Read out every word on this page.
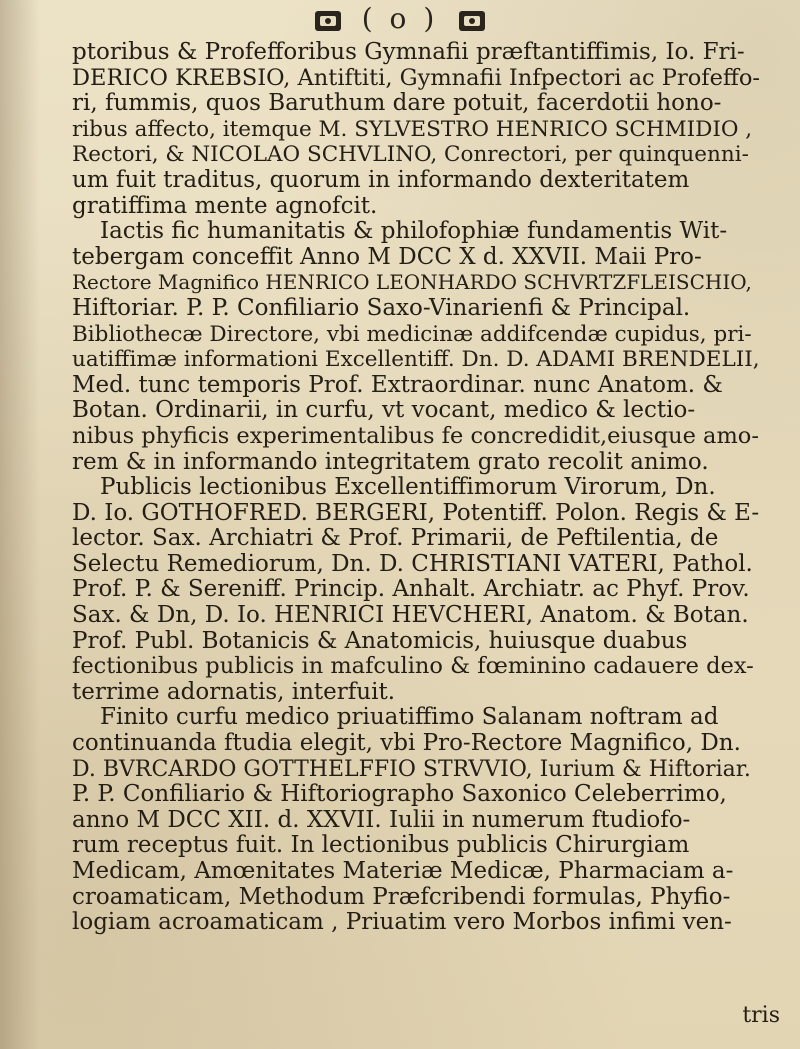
( o )
ptoribus & Profefforibus Gymnafii præftantiffimis, Io. Fri-
DERICO KREBSIO, Antiftiti, Gymnafii Infpectori ac Profeffo-
ri, fummis, quos Baruthum dare potuit, facerdotii hono-
ribus affecto, itemque M. SYLVESTRO HENRICO SCHMIDIO ,
Rectori, & NICOLAO SCHVLINO, Conrectori, per quinquenni-
um fuit traditus, quorum in informando dexteritatem
gratiffima mente agnofcit.
Iactis fic humanitatis & philofophiæ fundamentis Wit-
tebergam conceffit Anno M DCC X d. XXVII. Maii Pro-
Rectore Magnifico HENRICO LEONHARDO SCHVRTZFLEISCHIO,
Hiftoriar. P. P. Confiliario Saxo-Vinarienfi & Principal.
Bibliothecæ Directore, vbi medicinæ addifcendæ cupidus, pri-
uatiffimæ informationi Excellentiff. Dn. D. ADAMI BRENDELII,
Med. tunc temporis Prof. Extraordinar. nunc Anatom. &
Botan. Ordinarii, in curfu, vt vocant, medico & lectio-
nibus phyficis experimentalibus fe concredidit,eiusque amo-
rem & in informando integritatem grato recolit animo.
Publicis lectionibus Excellentiffimorum Virorum, Dn.
D. Io. GOTHOFRED. BERGERI, Potentiff. Polon. Regis & E-
lector. Sax. Archiatri & Prof. Primarii, de Peftilentia, de
Selectu Remediorum, Dn. D. CHRISTIANI VATERI, Pathol.
Prof. P. & Sereniff. Princip. Anhalt. Archiatr. ac Phyf. Prov.
Sax. & Dn, D. Io. HENRICI HEVCHERI, Anatom. & Botan.
Prof. Publ. Botanicis & Anatomicis, huiusque duabus
fectionibus publicis in mafculino & fœminino cadauere dex-
terrime adornatis, interfuit.
Finito curfu medico priuatiffimo Salanam noftram ad
continuanda ftudia elegit, vbi Pro-Rectore Magnifico, Dn.
D. BVRCARDO GOTTHELFFIO STRVVIO, Iurium & Hiftoriar.
P. P. Confiliario & Hiftoriographo Saxonico Celeberrimo,
anno M DCC XII. d. XXVII. Iulii in numerum ftudiofo-
rum receptus fuit. In lectionibus publicis Chirurgiam
Medicam, Amœnitates Materiæ Medicæ, Pharmaciam a-
croamaticam, Methodum Præfcribendi formulas, Phyfio-
logiam acroamaticam , Priuatim vero Morbos infimi ven-
tris
